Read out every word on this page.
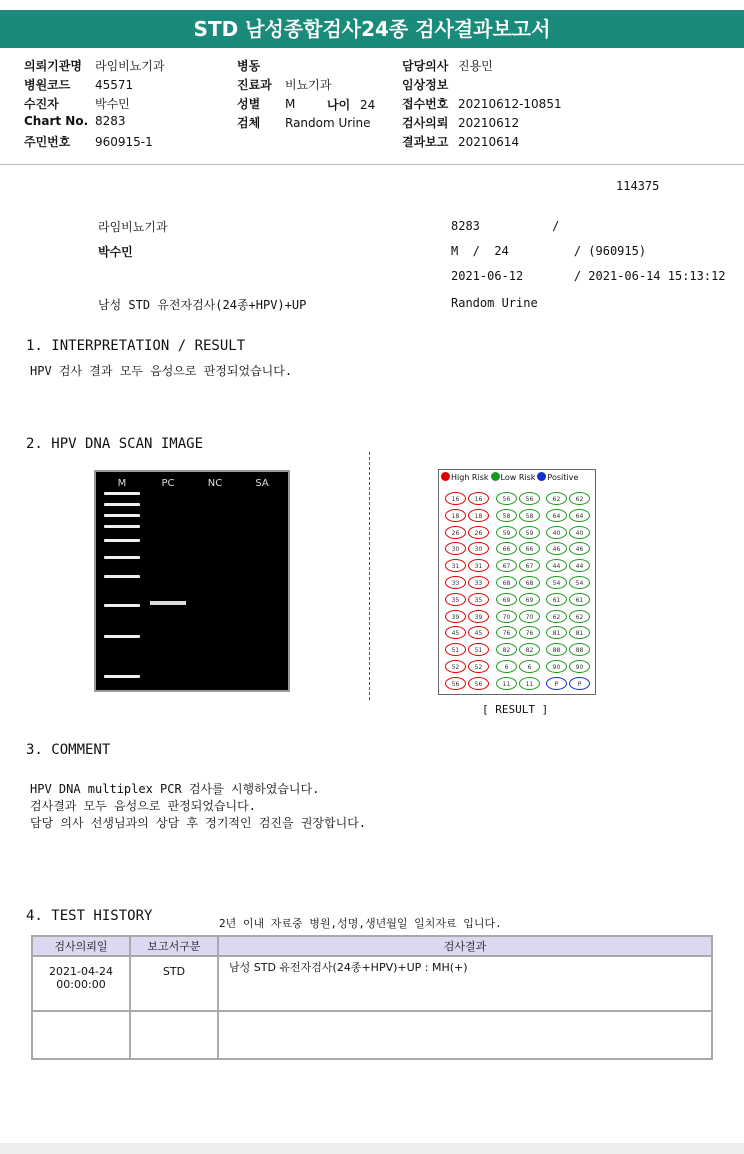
STD 남성종합검사24종 검사결과보고서
의뢰기관명 라임비뇨기과
병원코드 45571
수진자	박수민
Chart No. 8283
주민번호 960915-1
병동
진료과 비뇨기과
성별 M
검체 Random Urine
담당의사 진용민
임상정보
접수번호 20210612-10851
검사의뢰 20210612
결과보고 20210614
나이 24
114375
라임비뇨기과	8283          /
박수민	M  /  24         / (960915)
2021-06-12       / 2021-06-14 15:13:12
남성 STD 유전자검사(24종+HPV)+UP	Random Urine
1. INTERPRETATION / RESULT
HPV 검사 결과 모두 음성으로 판정되었습니다.
2. HPV DNA SCAN IMAGE
M	PC	NC	SA
High Risk Low Risk Positive
16	16
18	18
26	26
30	30
31	31
33	33
35	35
39	39
45	45
51	51
52	52
56	56
56	56
58	58
59	59
66	66
67	67
68	68
69	69
70	70
76	76
82	82
6	6
11	11
62	62
64	64
40	40
46	46
44	44
54	54
61	61
62	62
81	81
88	88
90	90
P	P
[ RESULT ]
3. COMMENT
HPV DNA multiplex PCR 검사를 시행하였습니다.
검사결과 모두 음성으로 판정되었습니다.
담당 의사 선생님과의 상담 후 정기적인 검진을 권장합니다.
4. TEST HISTORY	2년 이내 자료중 병원,성명,생년월일 일치자료 입니다.
검사의뢰일	보고서구분	검사결과

2021-04-24
00:00:00	STD	남성 STD 유전자검사(24종+HPV)+UP : MH(+)
